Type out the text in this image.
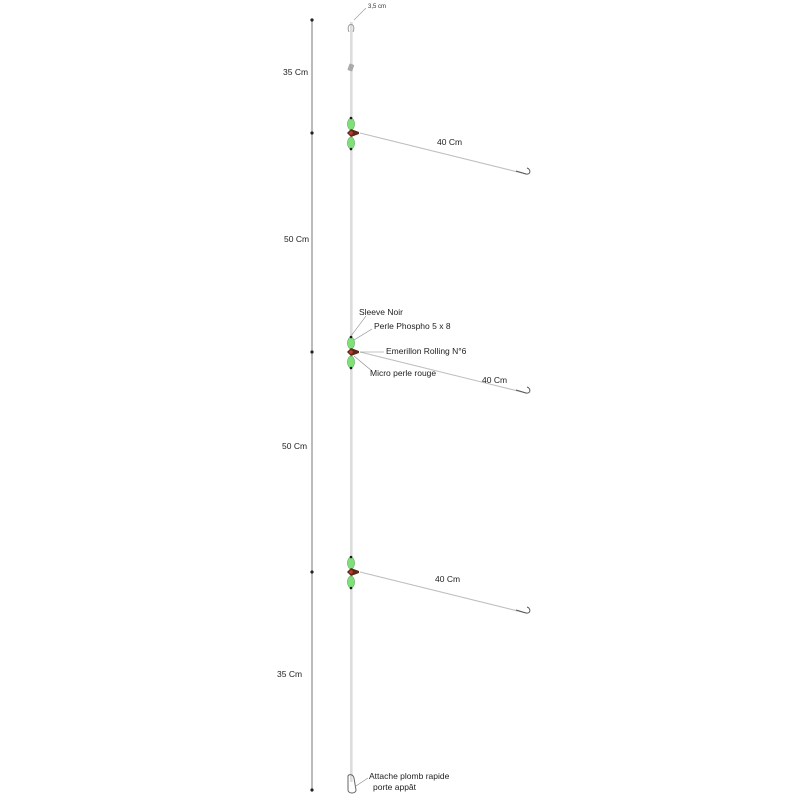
35 Cm
50 Cm
50 Cm
35 Cm
3,5 cm
40 Cm
40 Cm
Sleeve Noir
Perle Phospho 5 x 8
Emerillon Rolling N°6
Micro perle rouge
40 Cm
Attache plomb rapide
porte appât
